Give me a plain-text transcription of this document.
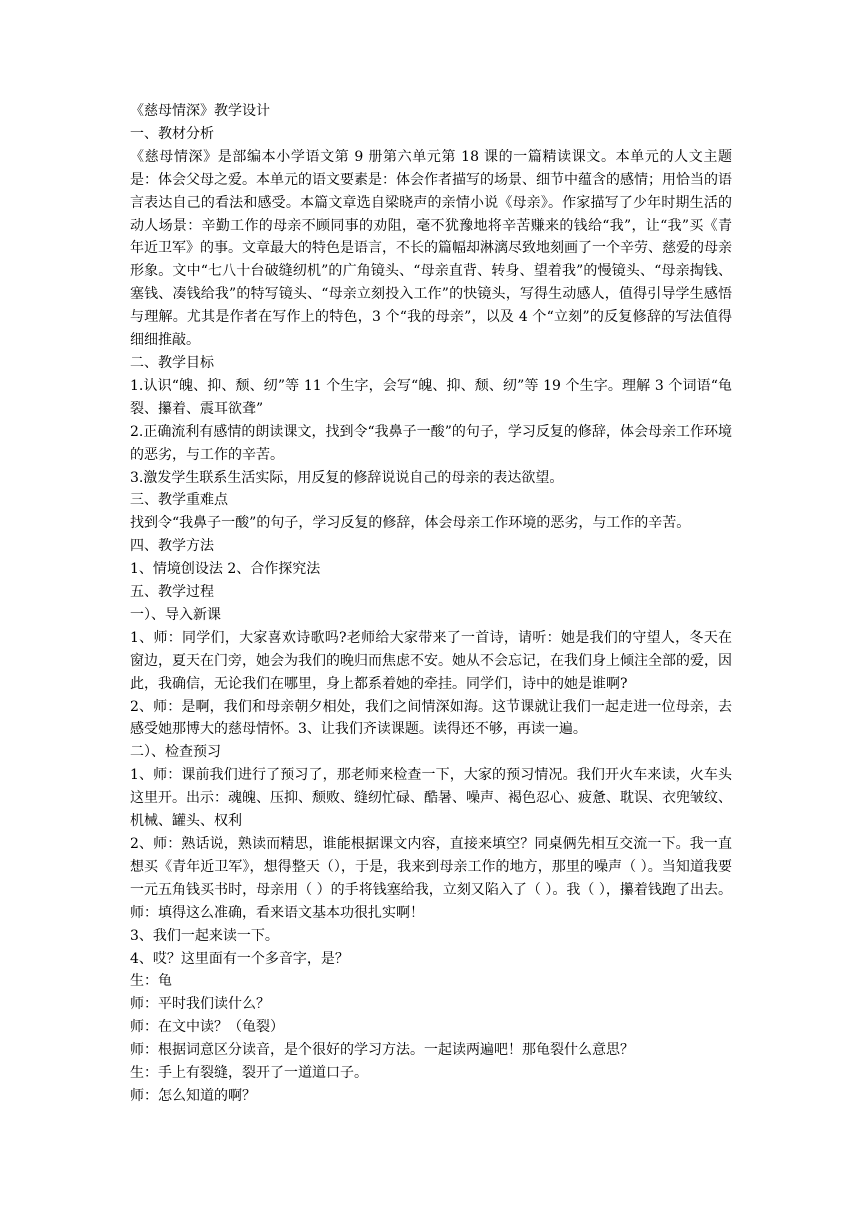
《慈母情深》教学设计

一、教材分析

《慈母情深》是部编本小学语文第 9 册第六单元第 18 课的一篇精读课文。本单元的人文主题是：体会父母之爱。本单元的语文要素是：体会作者描写的场景、细节中蕴含的感情；用恰当的语言表达自己的看法和感受。本篇文章选自梁晓声的亲情小说《母亲》。作家描写了少年时期生活的动人场景：辛勤工作的母亲不顾同事的劝阻，毫不犹豫地将辛苦赚来的钱给“我”，让“我”买《青年近卫军》的事。文章最大的特色是语言，不长的篇幅却淋漓尽致地刻画了一个辛劳、慈爱的母亲形象。文中“七八十台破缝纫机”的广角镜头、“母亲直背、转身、望着我”的慢镜头、“母亲掏钱、塞钱、凑钱给我”的特写镜头、“母亲立刻投入工作”的快镜头，写得生动感人，值得引导学生感悟与理解。尤其是作者在写作上的特色，3 个“我的母亲”，以及 4 个“立刻”的反复修辞的写法值得细细推敲。

二、教学目标

1.认识“魄、抑、颓、纫”等 11 个生字，会写“魄、抑、颓、纫”等 19 个生字。理解 3 个词语“龟裂、攥着、震耳欲聋”

2.正确流利有感情的朗读课文，找到令“我鼻子一酸”的句子，学习反复的修辞，体会母亲工作环境的恶劣，与工作的辛苦。

3.激发学生联系生活实际，用反复的修辞说说自己的母亲的表达欲望。

三、教学重难点

找到令“我鼻子一酸”的句子，学习反复的修辞，体会母亲工作环境的恶劣，与工作的辛苦。

四、教学方法

1、情境创设法 2、合作探究法

五、教学过程

一）、导入新课

1、师：同学们，大家喜欢诗歌吗?老师给大家带来了一首诗，请听：她是我们的守望人，冬天在窗边，夏天在门旁，她会为我们的晚归而焦虑不安。她从不会忘记，在我们身上倾注全部的爱，因此，我确信，无论我们在哪里，身上都系着她的牵挂。同学们，诗中的她是谁啊?

2、师：是啊，我们和母亲朝夕相处，我们之间情深如海。这节课就让我们一起走进一位母亲，去感受她那博大的慈母情怀。3、让我们齐读课题。读得还不够，再读一遍。

二）、检查预习

1、师：课前我们进行了预习了，那老师来检查一下，大家的预习情况。我们开火车来读，火车头这里开。出示：魂魄、压抑、颓败、缝纫忙碌、酷暑、噪声、褐色忍心、疲惫、耽误、衣兜皱纹、机械、罐头、权利

2、师：熟话说，熟读而精思，谁能根据课文内容，直接来填空？同桌俩先相互交流一下。我一直想买《青年近卫军》，想得整天（），于是，我来到母亲工作的地方，那里的噪声（ ）。当知道我要一元五角钱买书时，母亲用（ ）的手将钱塞给我，立刻又陷入了（ ）。我（ ），攥着钱跑了出去。师：填得这么准确，看来语文基本功很扎实啊！

3、我们一起来读一下。

4、哎？这里面有一个多音字，是？

生：龟

师：平时我们读什么？

师：在文中读？（龟裂）

师：根据词意区分读音，是个很好的学习方法。一起读两遍吧！那龟裂什么意思？

生：手上有裂缝，裂开了一道道口子。

师：怎么知道的啊？
